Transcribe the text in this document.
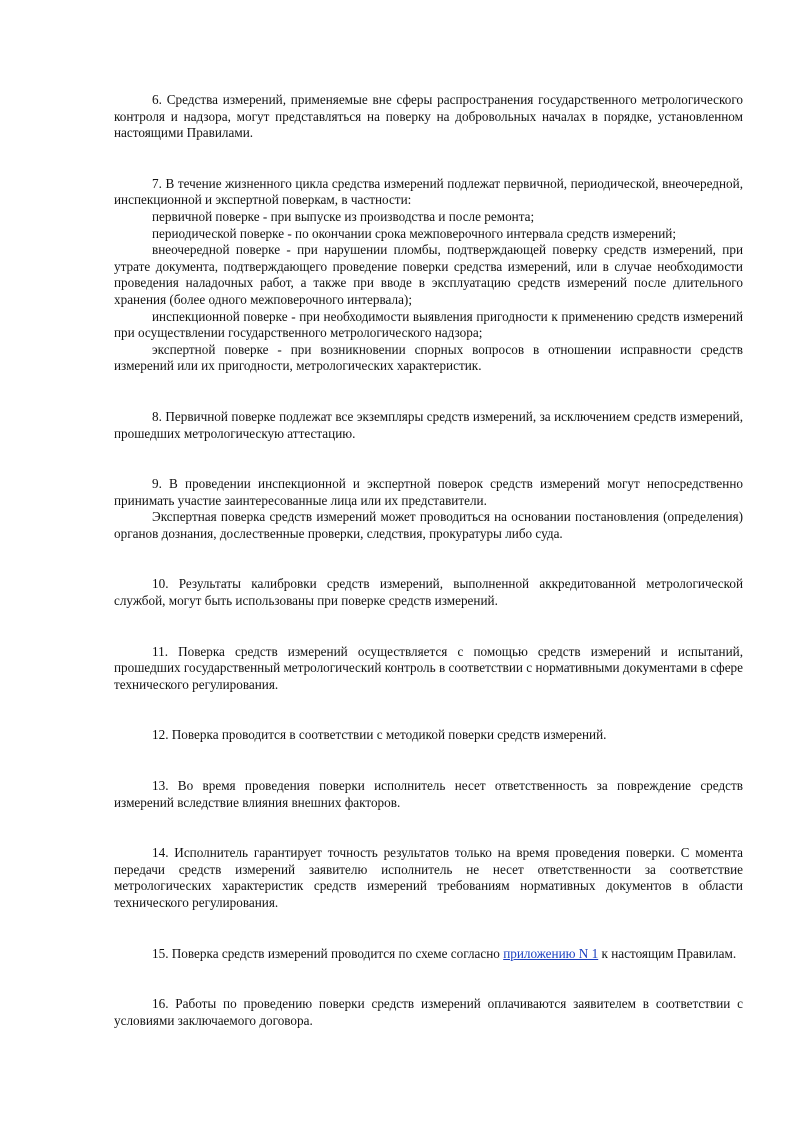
6. Средства измерений, применяемые вне сферы распространения государственного метрологического контроля и надзора, могут представляться на поверку на добровольных началах в порядке, установленном настоящими Правилами.

7. В течение жизненного цикла средства измерений подлежат первичной, периодической, внеочередной, инспекционной и экспертной поверкам, в частности:

первичной поверке - при выпуске из производства и после ремонта;

периодической поверке - по окончании срока межповерочного интервала средств измерений;

внеочередной поверке - при нарушении пломбы, подтверждающей поверку средств измерений, при утрате документа, подтверждающего проведение поверки средства измерений, или в случае необходимости проведения наладочных работ, а также при вводе в эксплуатацию средств измерений после длительного хранения (более одного межповерочного интервала);

инспекционной поверке - при необходимости выявления пригодности к применению средств измерений при осуществлении государственного метрологического надзора;

экспертной поверке - при возникновении спорных вопросов в отношении исправности средств измерений или их пригодности, метрологических характеристик.

8. Первичной поверке подлежат все экземпляры средств измерений, за исключением средств измерений, прошедших метрологическую аттестацию.

9. В проведении инспекционной и экспертной поверок средств измерений могут непосредственно принимать участие заинтересованные лица или их представители.

Экспертная поверка средств измерений может проводиться на основании постановления (определения) органов дознания, дослественные проверки, следствия, прокуратуры либо суда.

10. Результаты калибровки средств измерений, выполненной аккредитованной метрологической службой, могут быть использованы при поверке средств измерений.

11. Поверка средств измерений осуществляется с помощью средств измерений и испытаний, прошедших государственный метрологический контроль в соответствии с нормативными документами в сфере технического регулирования.

12. Поверка проводится в соответствии с методикой поверки средств измерений.

13. Во время проведения поверки исполнитель несет ответственность за повреждение средств измерений вследствие влияния внешних факторов.

14. Исполнитель гарантирует точность результатов только на время проведения поверки. С момента передачи средств измерений заявителю исполнитель не несет ответственности за соответствие метрологических характеристик средств измерений требованиям нормативных документов в области технического регулирования.

15. Поверка средств измерений проводится по схеме согласно приложению N 1 к настоящим Правилам.

16. Работы по проведению поверки средств измерений оплачиваются заявителем в соответствии с условиями заключаемого договора.
